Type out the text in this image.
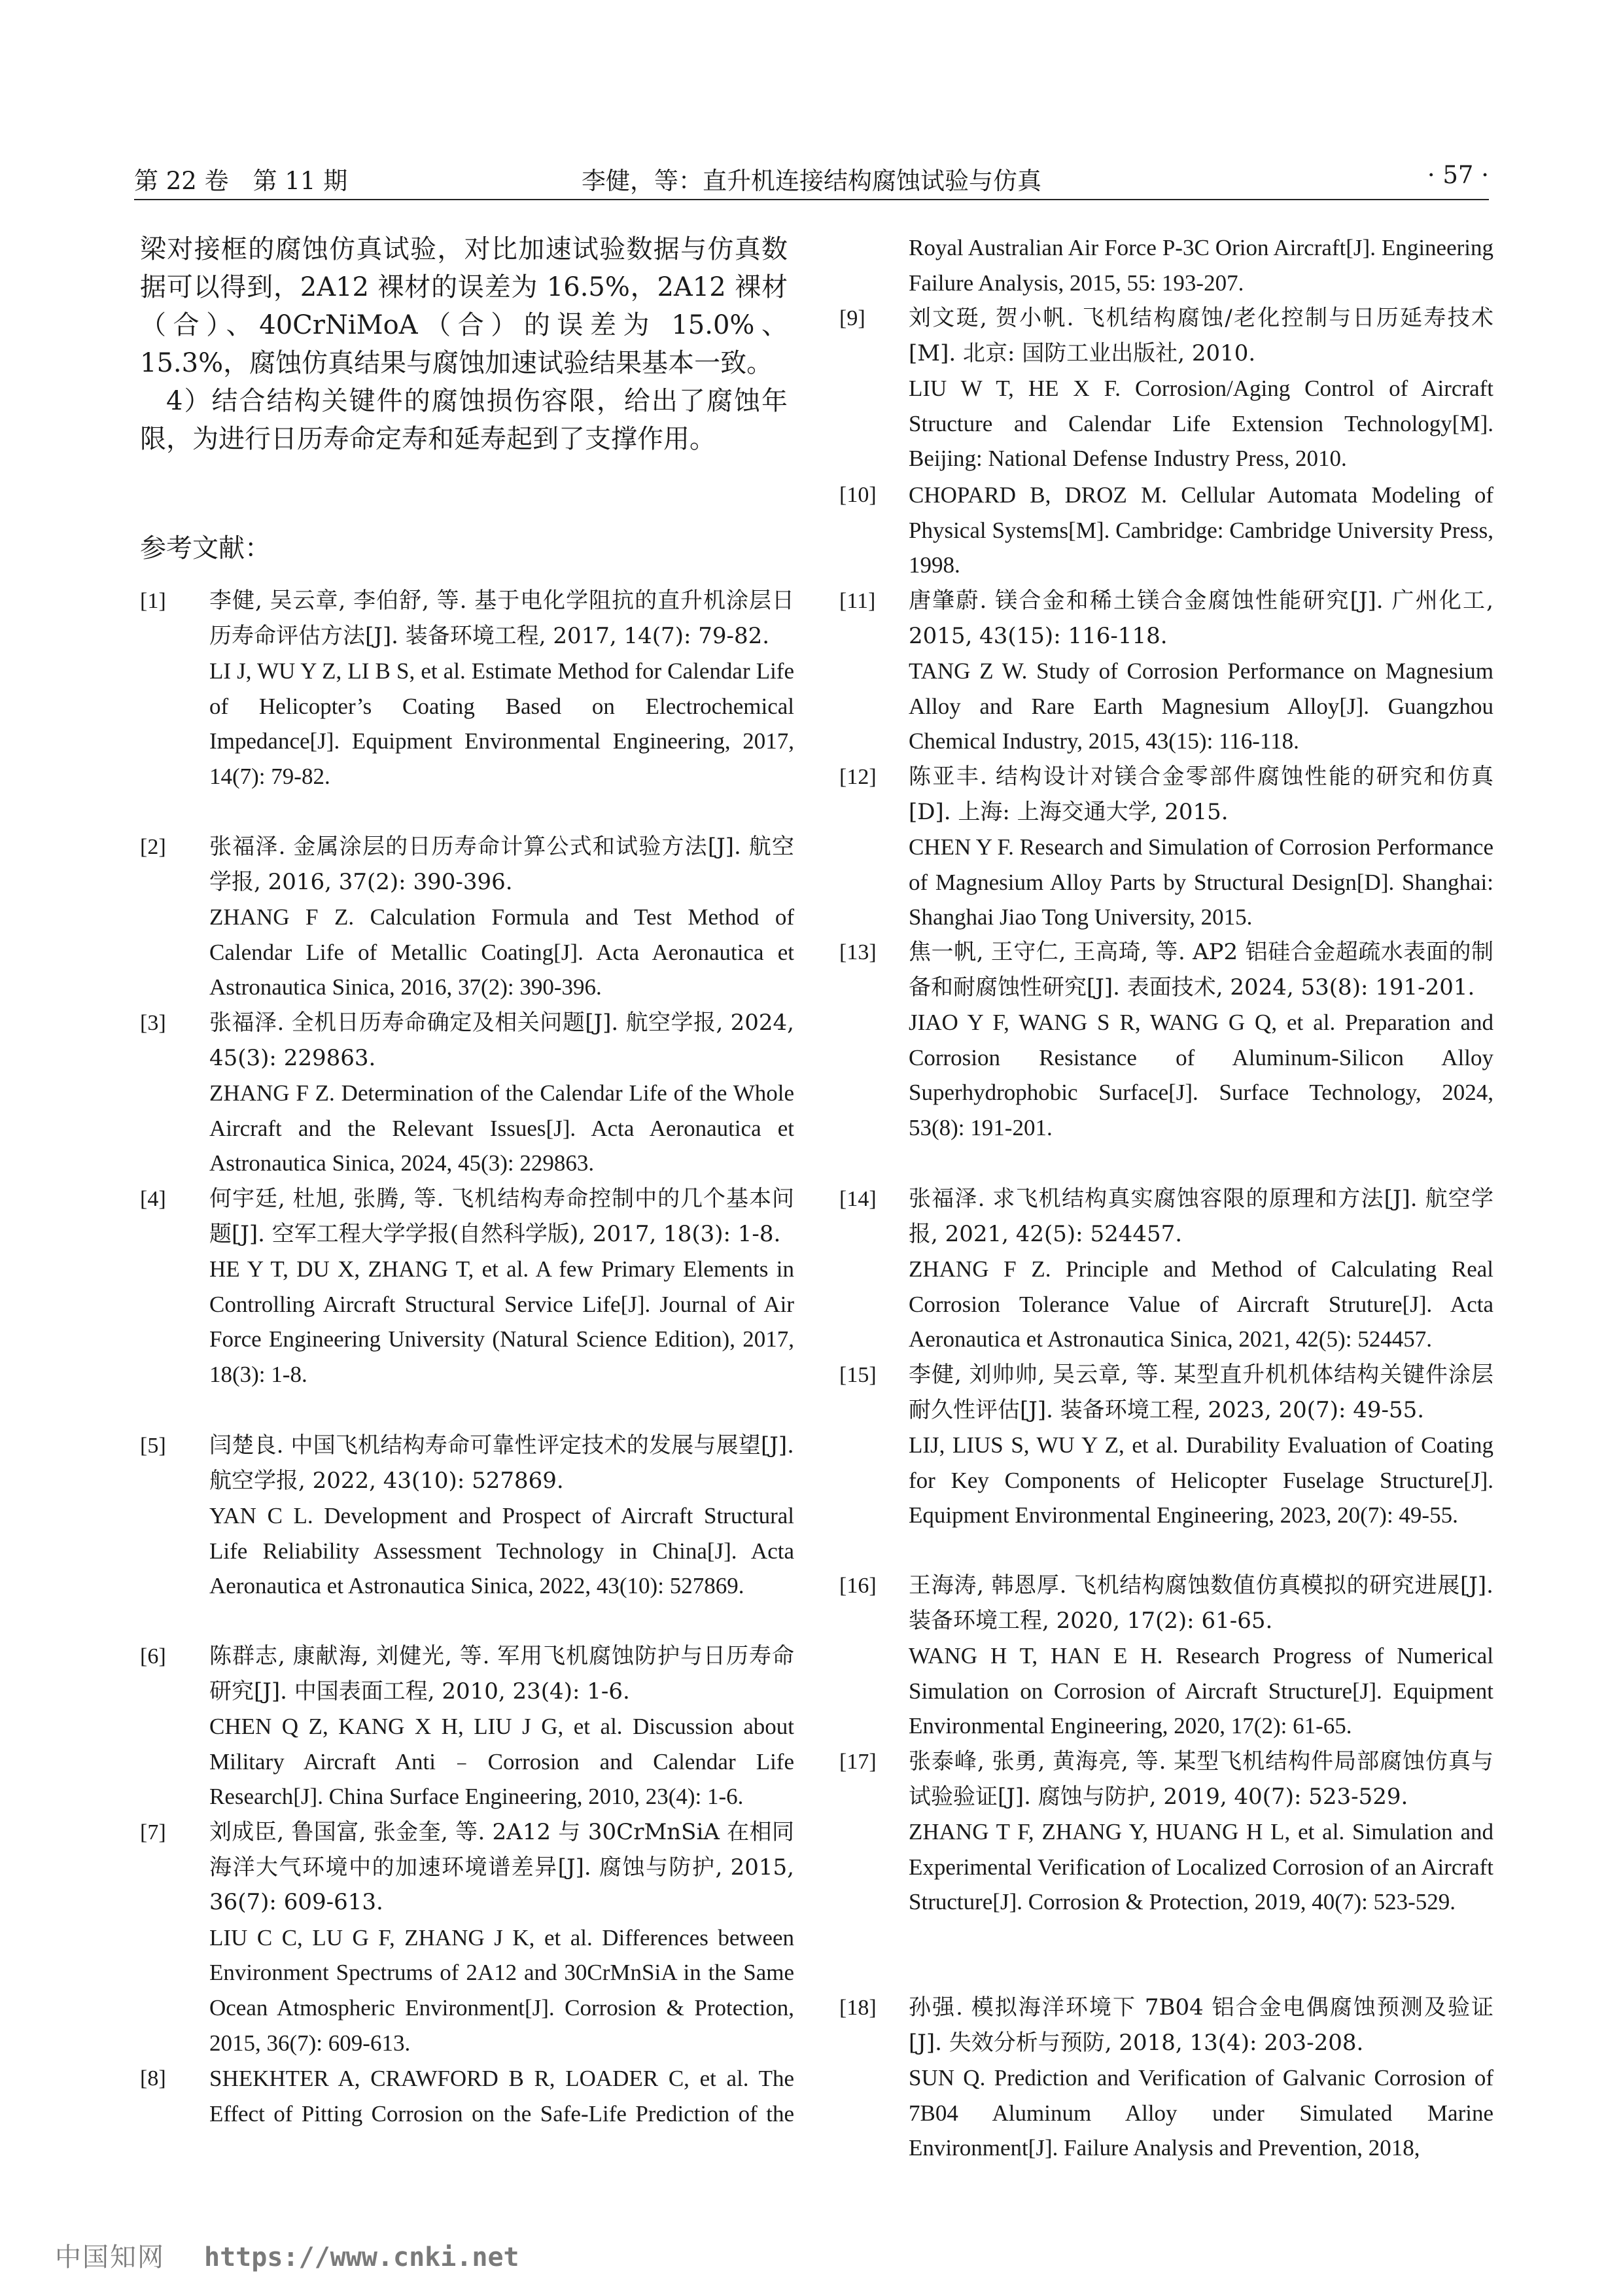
第 22 卷　第 11 期	李健，等：直升机连接结构腐蚀试验与仿真	· 57 ·
梁对接框的腐蚀仿真试验，对比加速试验数据与仿真数据可以得到，2A12 裸材的误差为 16.5%，2A12 裸材（合）、40CrNiMoA（合）的误差为 15.0%、15.3%，腐蚀仿真结果与腐蚀加速试验结果基本一致。
4）结合结构关键件的腐蚀损伤容限，给出了腐蚀年限，为进行日历寿命定寿和延寿起到了支撑作用。
参考文献：
[1]	李健, 吴云章, 李伯舒, 等. 基于电化学阻抗的直升机涂层日历寿命评估方法[J]. 装备环境工程, 2017, 14(7): 79-82.
LI J, WU Y Z, LI B S, et al. Estimate Method for Calendar Life of Helicopter’s Coating Based on Electrochemical Impedance[J]. Equipment Environmental Engineering, 2017, 14(7): 79-82.
[2]	张福泽. 金属涂层的日历寿命计算公式和试验方法[J]. 航空学报, 2016, 37(2): 390-396.
ZHANG F Z. Calculation Formula and Test Method of Calendar Life of Metallic Coating[J]. Acta Aeronautica et Astronautica Sinica, 2016, 37(2): 390-396.
[3]	张福泽. 全机日历寿命确定及相关问题[J]. 航空学报, 2024, 45(3): 229863.
ZHANG F Z. Determination of the Calendar Life of the Whole Aircraft and the Relevant Issues[J]. Acta Aeronautica et Astronautica Sinica, 2024, 45(3): 229863.
[4]	何宇廷, 杜旭, 张腾, 等. 飞机结构寿命控制中的几个基本问题[J]. 空军工程大学学报(自然科学版), 2017, 18(3): 1-8.
HE Y T, DU X, ZHANG T, et al. A few Primary Elements in Controlling Aircraft Structural Service Life[J]. Journal of Air Force Engineering University (Natural Science Edition), 2017, 18(3): 1-8.
[5]	闫楚良. 中国飞机结构寿命可靠性评定技术的发展与展望[J]. 航空学报, 2022, 43(10): 527869.
YAN C L. Development and Prospect of Aircraft Structural Life Reliability Assessment Technology in China[J]. Acta Aeronautica et Astronautica Sinica, 2022, 43(10): 527869.
[6]	陈群志, 康献海, 刘健光, 等. 军用飞机腐蚀防护与日历寿命研究[J]. 中国表面工程, 2010, 23(4): 1-6.
CHEN Q Z, KANG X H, LIU J G, et al. Discussion about Military Aircraft Anti﹣Corrosion and Calendar Life Research[J]. China Surface Engineering, 2010, 23(4): 1-6.
[7]	刘成臣, 鲁国富, 张金奎, 等. 2A12 与 30CrMnSiA 在相同海洋大气环境中的加速环境谱差异[J]. 腐蚀与防护, 2015, 36(7): 609-613.
LIU C C, LU G F, ZHANG J K, et al. Differences between Environment Spectrums of 2A12 and 30CrMnSiA in the Same Ocean Atmospheric Environment[J]. Corrosion & Protection, 2015, 36(7): 609-613.
[8]	SHEKHTER A, CRAWFORD B R, LOADER C, et al. The Effect of Pitting Corrosion on the Safe-Life Prediction of the
Royal Australian Air Force P-3C Orion Aircraft[J]. Engineering Failure Analysis, 2015, 55: 193-207.
[9]	刘文珽, 贺小帆. 飞机结构腐蚀/老化控制与日历延寿技术[M]. 北京: 国防工业出版社, 2010.
LIU W T, HE X F. Corrosion/Aging Control of Aircraft Structure and Calendar Life Extension Technology[M]. Beijing: National Defense Industry Press, 2010.
[10]	CHOPARD B, DROZ M. Cellular Automata Modeling of Physical Systems[M]. Cambridge: Cambridge University Press, 1998.
[11]	唐肇蔚. 镁合金和稀土镁合金腐蚀性能研究[J]. 广州化工, 2015, 43(15): 116-118.
TANG Z W. Study of Corrosion Performance on Magnesium Alloy and Rare Earth Magnesium Alloy[J]. Guangzhou Chemical Industry, 2015, 43(15): 116-118.
[12]	陈亚丰. 结构设计对镁合金零部件腐蚀性能的研究和仿真[D]. 上海: 上海交通大学, 2015.
CHEN Y F. Research and Simulation of Corrosion Performance of Magnesium Alloy Parts by Structural Design[D]. Shanghai: Shanghai Jiao Tong University, 2015.
[13]	焦一帆, 王守仁, 王高琦, 等. AP2 铝硅合金超疏水表面的制备和耐腐蚀性研究[J]. 表面技术, 2024, 53(8): 191-201.
JIAO Y F, WANG S R, WANG G Q, et al. Preparation and Corrosion Resistance of Aluminum-Silicon Alloy Superhydrophobic Surface[J]. Surface Technology, 2024, 53(8): 191-201.
[14]	张福泽. 求飞机结构真实腐蚀容限的原理和方法[J]. 航空学报, 2021, 42(5): 524457.
ZHANG F Z. Principle and Method of Calculating Real Corrosion Tolerance Value of Aircraft Struture[J]. Acta Aeronautica et Astronautica Sinica, 2021, 42(5): 524457.
[15]	李健, 刘帅帅, 吴云章, 等. 某型直升机机体结构关键件涂层耐久性评估[J]. 装备环境工程, 2023, 20(7): 49-55.
LIJ, LIUS S, WU Y Z, et al. Durability Evaluation of Coating for Key Components of Helicopter Fuselage Structure[J]. Equipment Environmental Engineering, 2023, 20(7): 49-55.
[16]	王海涛, 韩恩厚. 飞机结构腐蚀数值仿真模拟的研究进展[J]. 装备环境工程, 2020, 17(2): 61-65.
WANG H T, HAN E H. Research Progress of Numerical Simulation on Corrosion of Aircraft Structure[J]. Equipment Environmental Engineering, 2020, 17(2): 61-65.
[17]	张泰峰, 张勇, 黄海亮, 等. 某型飞机结构件局部腐蚀仿真与试验验证[J]. 腐蚀与防护, 2019, 40(7): 523-529.
ZHANG T F, ZHANG Y, HUANG H L, et al. Simulation and Experimental Verification of Localized Corrosion of an Aircraft Structure[J]. Corrosion & Protection, 2019, 40(7): 523-529.
[18]	孙强. 模拟海洋环境下 7B04 铝合金电偶腐蚀预测及验证[J]. 失效分析与预防, 2018, 13(4): 203-208.
SUN Q. Prediction and Verification of Galvanic Corrosion of 7B04 Aluminum Alloy under Simulated Marine Environment[J]. Failure Analysis and Prevention, 2018,
中国知网 https://www.cnki.net
